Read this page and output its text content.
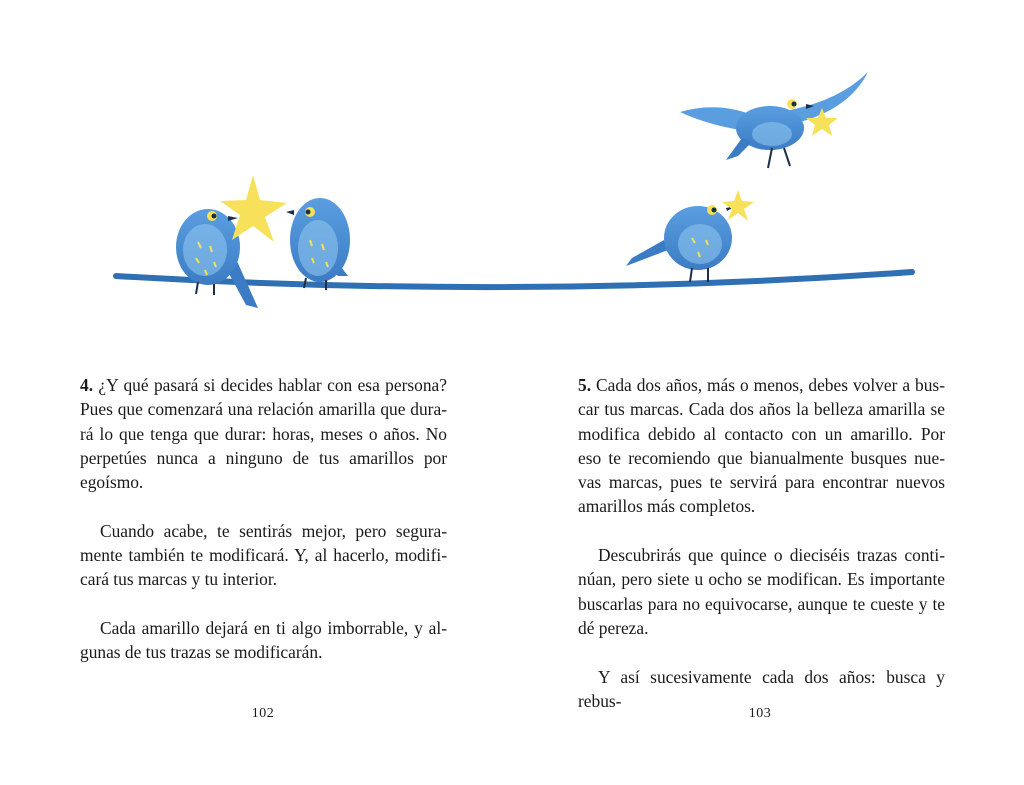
4. ¿Y qué pasará si decides hablar con esa persona? Pues que comenzará una relación amarilla que durará lo que tenga que durar: horas, meses o años. No perpetúes nunca a ninguno de tus amarillos por egoísmo.

Cuando acabe, te sentirás mejor, pero seguramente también te modificará. Y, al hacerlo, modificará tus marcas y tu interior.

Cada amarillo dejará en ti algo imborrable, y algunas de tus trazas se modificarán.

5. Cada dos años, más o menos, debes volver a buscar tus marcas. Cada dos años la belleza amarilla se modifica debido al contacto con un amarillo. Por eso te recomiendo que bianualmente busques nuevas marcas, pues te servirá para encontrar nuevos amarillos más completos.

Descubrirás que quince o dieciséis trazas continúan, pero siete u ocho se modifican. Es importante buscarlas para no equivocarse, aunque te cueste y te dé pereza.

Y así sucesivamente cada dos años: busca y rebus-

102	103
